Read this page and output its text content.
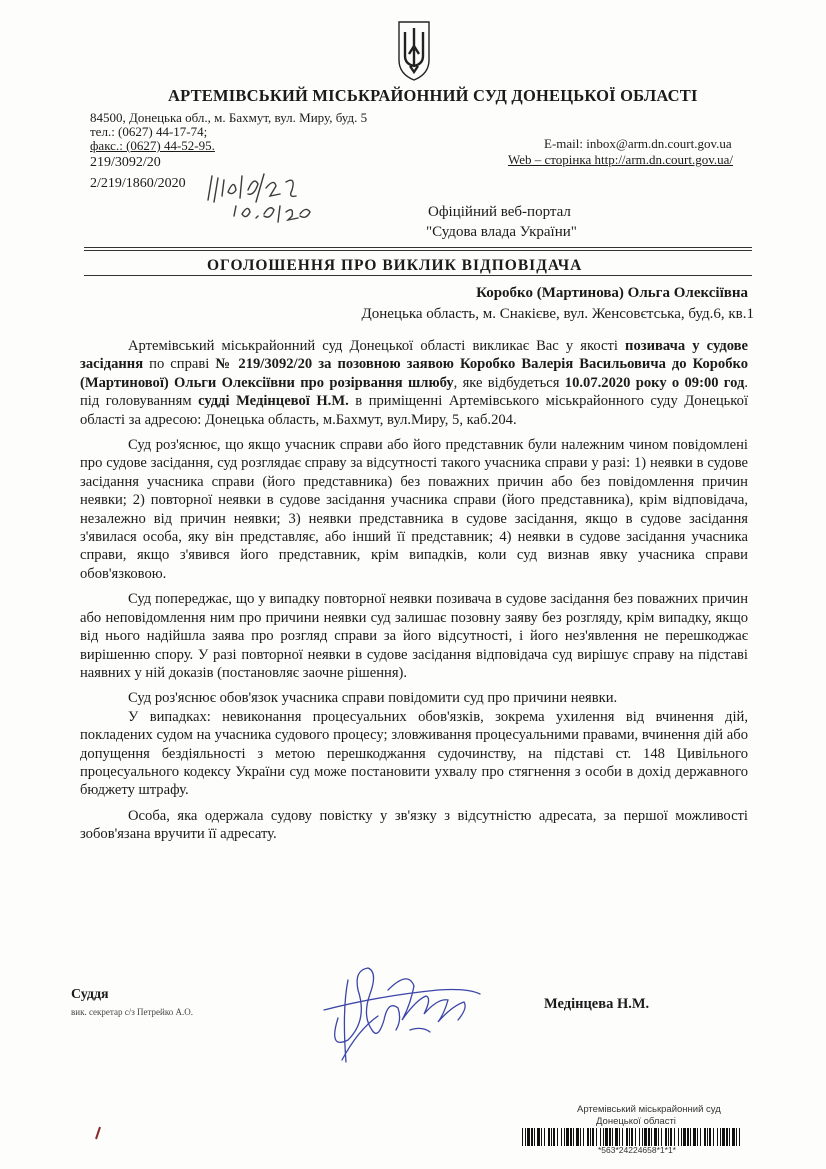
АРТЕМІВСЬКИЙ МІСЬКРАЙОННИЙ СУД ДОНЕЦЬКОЇ ОБЛАСТІ
84500, Донецька обл., м. Бахмут, вул. Миру, буд. 5
тел.: (0627) 44-17-74;
факс.: (0627) 44-52-95.	E-mail: inbox@arm.dn.court.gov.ua
Web – сторінка http://arm.dn.court.gov.ua/
219/3092/20
2/219/1860/2020
Офіційний веб-портал
"Судова влада України"
ОГОЛОШЕННЯ ПРО ВИКЛИК ВІДПОВІДАЧА
Коробко (Мартинова) Ольга Олексіївна
Донецька область, м. Снакієве, вул. Женсовєтська, буд.6, кв.1

Артемівський міськрайонний суд Донецької області викликає Вас у якості позивача у судове засідання по справі № 219/3092/20 за позовною заявою Коробко Валерія Васильовича до Коробко (Мартинової) Ольги Олексіївни про розірвання шлюбу, яке відбудеться 10.07.2020 року о 09:00 год. під головуванням судді Медінцевої Н.М. в приміщенні Артемівського міськрайонного суду Донецької області за адресою: Донецька область, м.Бахмут, вул.Миру, 5, каб.204.

Суд роз'яснює, що якщо учасник справи або його представник були належним чином повідомлені про судове засідання, суд розглядає справу за відсутності такого учасника справи у разі: 1) неявки в судове засідання учасника справи (його представника) без поважних причин або без повідомлення причин неявки; 2) повторної неявки в судове засідання учасника справи (його представника), крім відповідача, незалежно від причин неявки; 3) неявки представника в судове засідання, якщо в судове засідання з'явилася особа, яку він представляє, або інший її представник; 4) неявки в судове засідання учасника справи, якщо з'явився його представник, крім випадків, коли суд визнав явку учасника справи обов'язковою.

Суд попереджає, що у випадку повторної неявки позивача в судове засідання без поважних причин або неповідомлення ним про причини неявки суд залишає позовну заяву без розгляду, крім випадку, якщо від нього надійшла заява про розгляд справи за його відсутності, і його нез'явлення не перешкоджає вирішенню спору. У разі повторної неявки в судове засідання відповідача суд вирішує справу на підставі наявних у ній доказів (постановляє заочне рішення).

Суд роз'яснює обов'язок учасника справи повідомити суд про причини неявки.

У випадках: невиконання процесуальних обов'язків, зокрема ухилення від вчинення дій, покладених судом на учасника судового процесу; зловживання процесуальними правами, вчинення дій або допущення бездіяльності з метою перешкоджання судочинству, на підставі ст. 148 Цивільного процесуального кодексу України суд може постановити ухвалу про стягнення з особи в дохід державного бюджету штрафу.

Особа, яка одержала судову повістку у зв'язку з відсутністю адресата, за першої можливості зобов'язана вручити її адресату.

Суддя
вик. секретар с/з Петрейко А.О.	Медінцева Н.М.
Артемівський міськрайонний суд
Донецької області
*563*24224658*1*1*
